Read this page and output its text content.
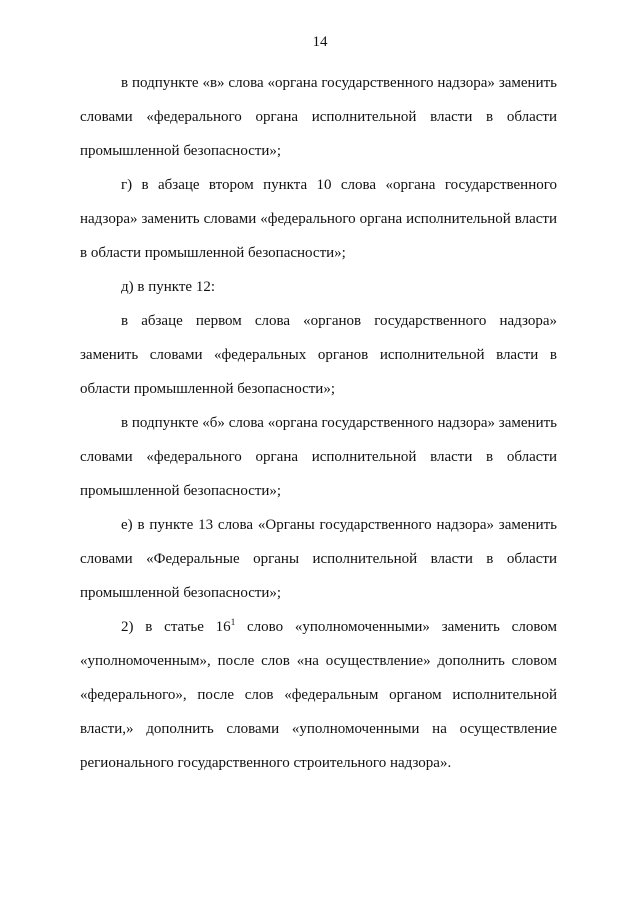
14
в подпункте «в» слова «органа государственного надзора» заменить
словами «федерального органа исполнительной власти в области
промышленной безопасности»;
г) в абзаце втором пункта 10 слова «органа государственного
надзора» заменить словами «федерального органа исполнительной власти
в области промышленной безопасности»;
д) в пункте 12:
в абзаце первом слова «органов государственного надзора»
заменить словами «федеральных органов исполнительной власти в
области промышленной безопасности»;
в подпункте «б» слова «органа государственного надзора» заменить
словами «федерального органа исполнительной власти в области
промышленной безопасности»;
е) в пункте 13 слова «Органы государственного надзора» заменить
словами «Федеральные органы исполнительной власти в области
промышленной безопасности»;
2) в статье $16^1$ слово «уполномоченными» заменить словом
«уполномоченным», после слов «на осуществление» дополнить словом
«федерального», после слов «федеральным органом исполнительной
власти,» дополнить словами «уполномоченными на осуществление
регионального государственного строительного надзора».
